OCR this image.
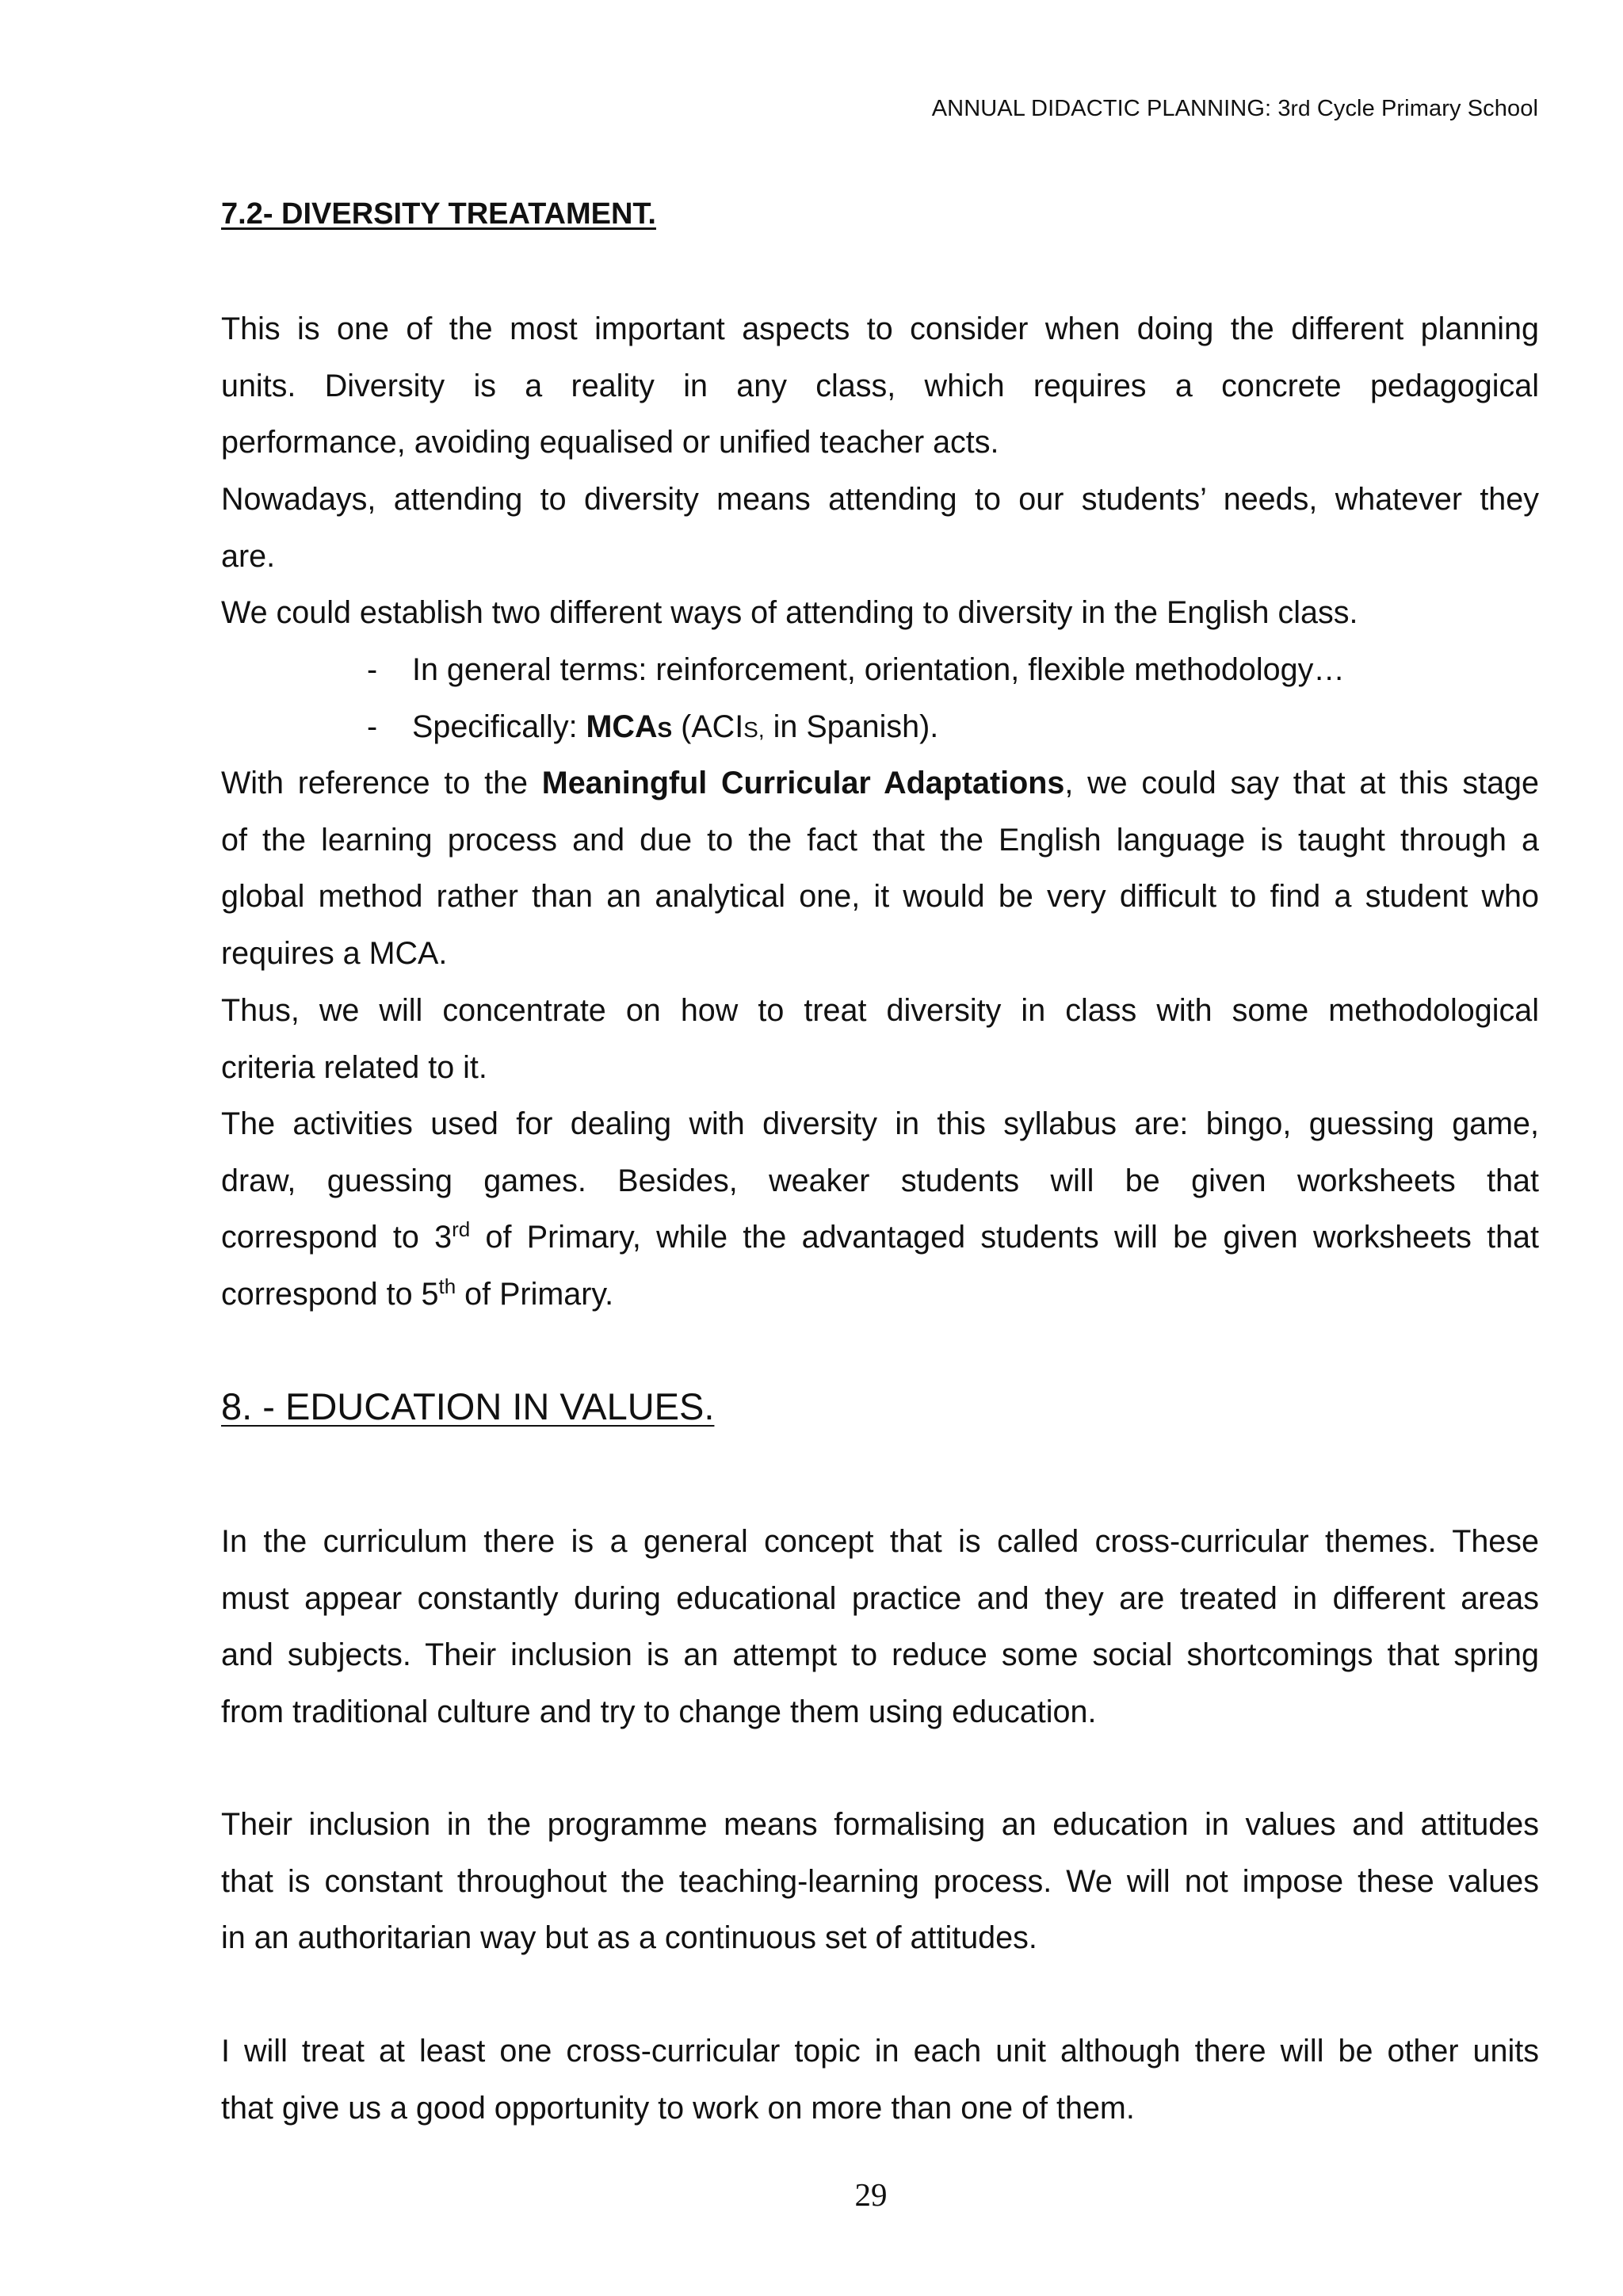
ANNUAL DIDACTIC PLANNING: 3rd Cycle Primary School
7.2- DIVERSITY TREATAMENT.
This is one of the most important aspects to consider when doing the different planning
units. Diversity is a reality in any class, which requires a concrete pedagogical
performance, avoiding equalised or unified teacher acts.
Nowadays, attending to diversity means attending to our students’ needs, whatever they
are.
We could establish two different ways of attending to diversity in the English class.
- In general terms: reinforcement, orientation, flexible methodology…
- Specifically: MCAS (ACIS, in Spanish).
With reference to the Meaningful Curricular Adaptations, we could say that at this stage
of the learning process and due to the fact that the English language is taught through a
global method rather than an analytical one, it would be very difficult to find a student who
requires a MCA.
Thus, we will concentrate on how to treat diversity in class with some methodological
criteria related to it.
The activities used for dealing with diversity in this syllabus are: bingo, guessing game,
draw, guessing games. Besides, weaker students will be given worksheets that
correspond to 3rd of Primary, while the advantaged students will be given worksheets that
correspond to 5th of Primary.
8. - EDUCATION IN VALUES.
In the curriculum there is a general concept that is called cross-curricular themes. These
must appear constantly during educational practice and they are treated in different areas
and subjects. Their inclusion is an attempt to reduce some social shortcomings that spring
from traditional culture and try to change them using education.
Their inclusion in the programme means formalising an education in values and attitudes
that is constant throughout the teaching-learning process. We will not impose these values
in an authoritarian way but as a continuous set of attitudes.
I will treat at least one cross-curricular topic in each unit although there will be other units
that give us a good opportunity to work on more than one of them.
29
